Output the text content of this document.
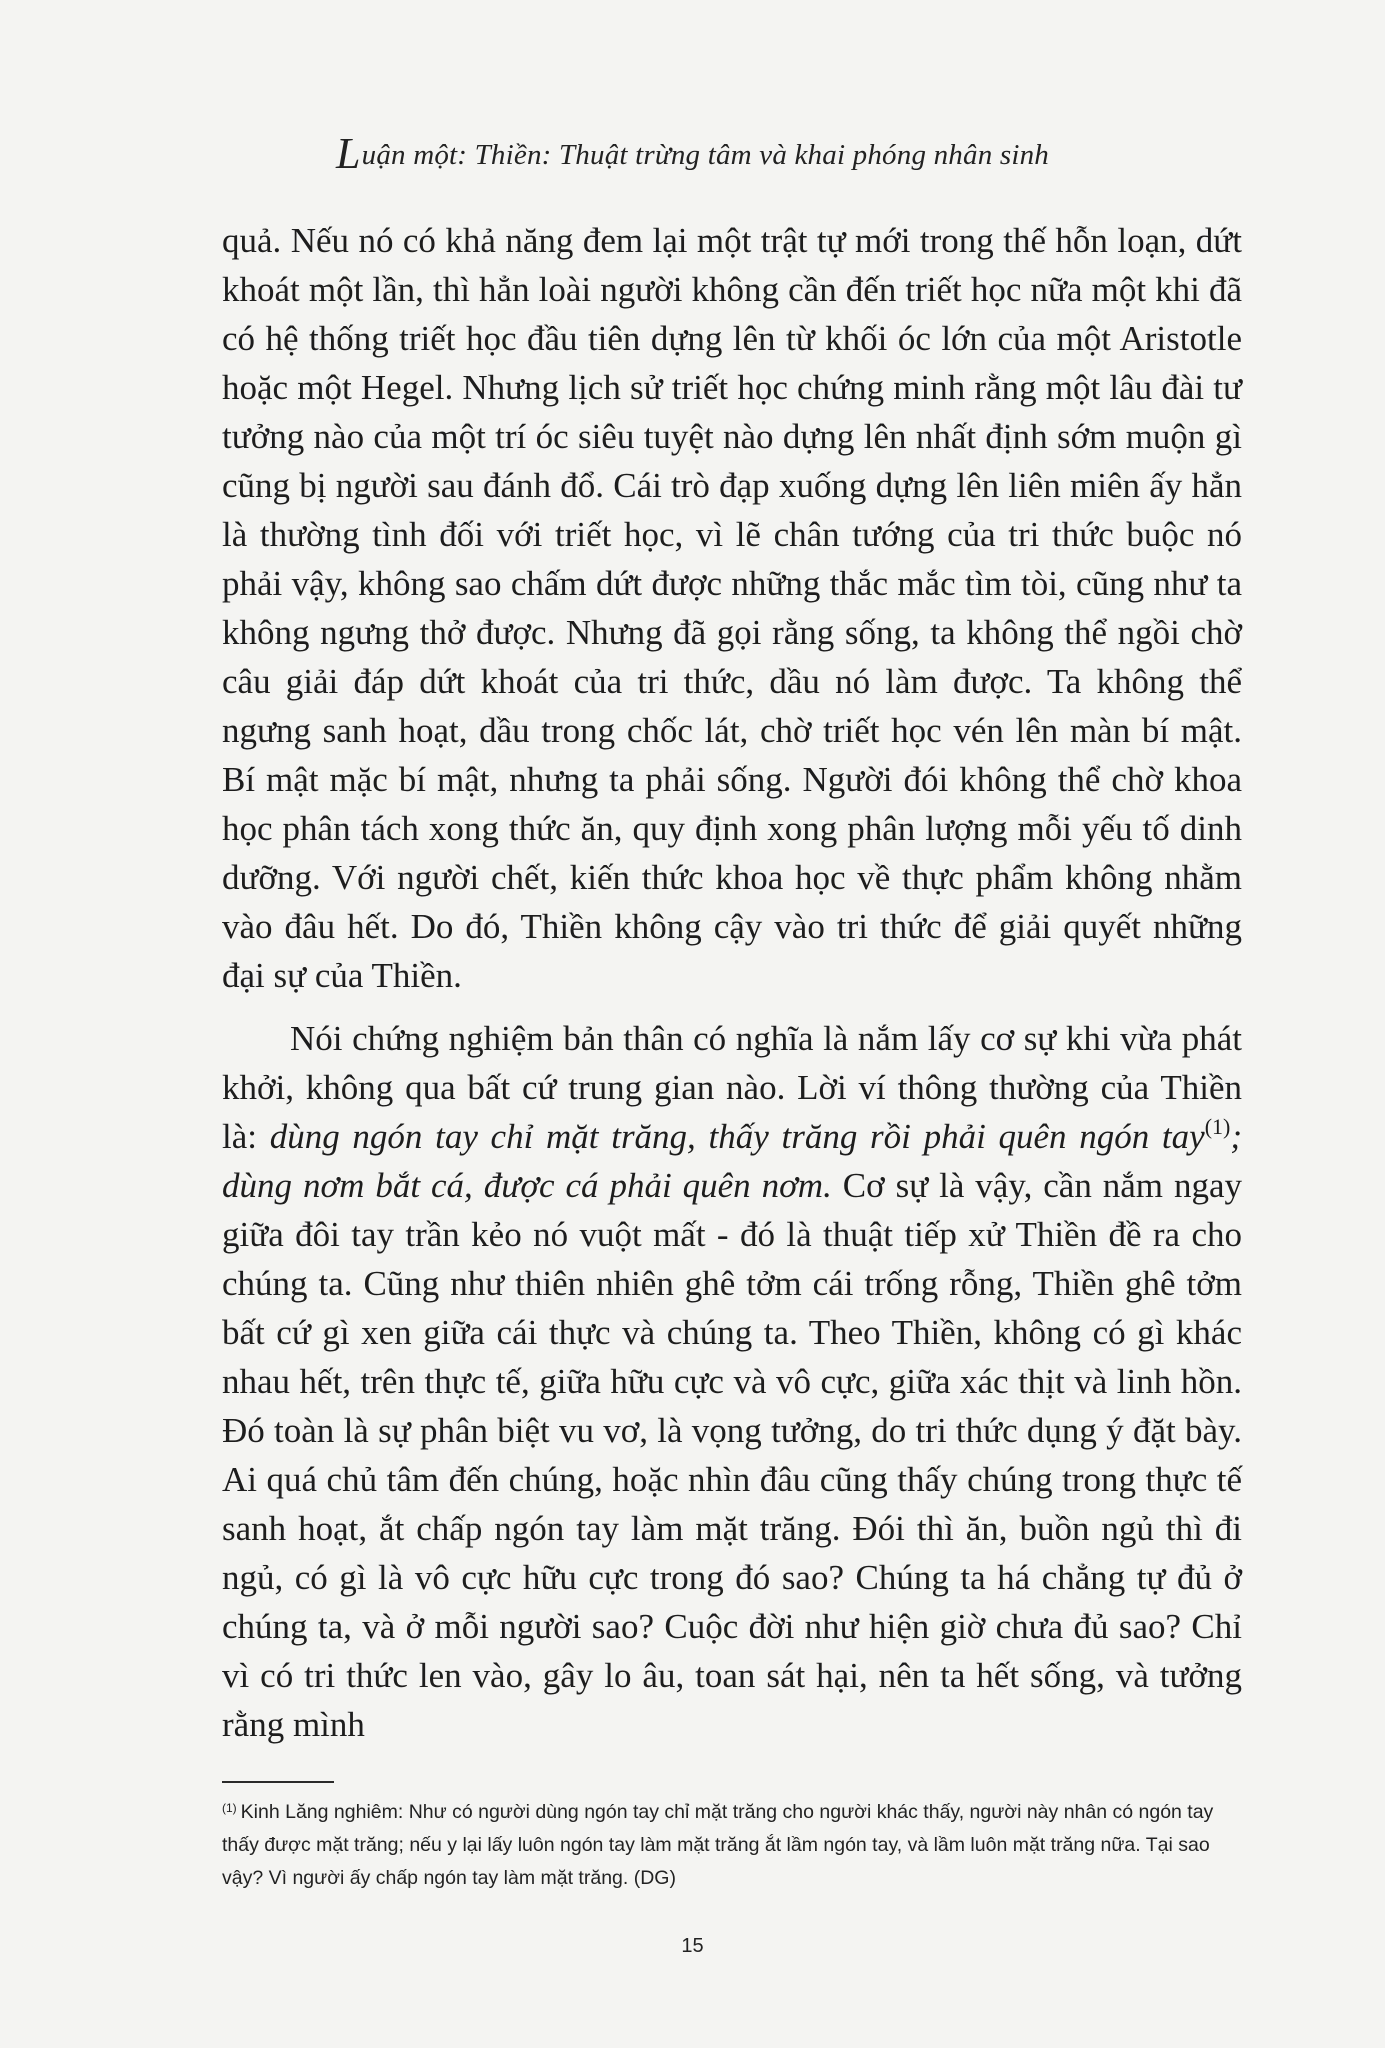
Luận một: Thiền: Thuật trừng tâm và khai phóng nhân sinh

quả. Nếu nó có khả năng đem lại một trật tự mới trong thế hỗn loạn, dứt khoát một lần, thì hẳn loài người không cần đến triết học nữa một khi đã có hệ thống triết học đầu tiên dựng lên từ khối óc lớn của một Aristotle hoặc một Hegel. Nhưng lịch sử triết học chứng minh rằng một lâu đài tư tưởng nào của một trí óc siêu tuyệt nào dựng lên nhất định sớm muộn gì cũng bị người sau đánh đổ. Cái trò đạp xuống dựng lên liên miên ấy hẳn là thường tình đối với triết học, vì lẽ chân tướng của tri thức buộc nó phải vậy, không sao chấm dứt được những thắc mắc tìm tòi, cũng như ta không ngưng thở được. Nhưng đã gọi rằng sống, ta không thể ngồi chờ câu giải đáp dứt khoát của tri thức, dầu nó làm được. Ta không thể ngưng sanh hoạt, dầu trong chốc lát, chờ triết học vén lên màn bí mật. Bí mật mặc bí mật, nhưng ta phải sống. Người đói không thể chờ khoa học phân tách xong thức ăn, quy định xong phân lượng mỗi yếu tố dinh dưỡng. Với người chết, kiến thức khoa học về thực phẩm không nhằm vào đâu hết. Do đó, Thiền không cậy vào tri thức để giải quyết những đại sự của Thiền.

Nói chứng nghiệm bản thân có nghĩa là nắm lấy cơ sự khi vừa phát khởi, không qua bất cứ trung gian nào. Lời ví thông thường của Thiền là: dùng ngón tay chỉ mặt trăng, thấy trăng rồi phải quên ngón tay$^{(1)}$; dùng nơm bắt cá, được cá phải quên nơm. Cơ sự là vậy, cần nắm ngay giữa đôi tay trần kẻo nó vuột mất - đó là thuật tiếp xử Thiền đề ra cho chúng ta. Cũng như thiên nhiên ghê tởm cái trống rỗng, Thiền ghê tởm bất cứ gì xen giữa cái thực và chúng ta. Theo Thiền, không có gì khác nhau hết, trên thực tế, giữa hữu cực và vô cực, giữa xác thịt và linh hồn. Đó toàn là sự phân biệt vu vơ, là vọng tưởng, do tri thức dụng ý đặt bày. Ai quá chủ tâm đến chúng, hoặc nhìn đâu cũng thấy chúng trong thực tế sanh hoạt, ắt chấp ngón tay làm mặt trăng. Đói thì ăn, buồn ngủ thì đi ngủ, có gì là vô cực hữu cực trong đó sao? Chúng ta há chẳng tự đủ ở chúng ta, và ở mỗi người sao? Cuộc đời như hiện giờ chưa đủ sao? Chỉ vì có tri thức len vào, gây lo âu, toan sát hại, nên ta hết sống, và tưởng rằng mình

$^{(1)}$ Kinh Lăng nghiêm: Như có người dùng ngón tay chỉ mặt trăng cho người khác thấy, người này nhân có ngón tay thấy được mặt trăng; nếu y lại lấy luôn ngón tay làm mặt trăng ắt lầm ngón tay, và lầm luôn mặt trăng nữa. Tại sao vậy? Vì người ấy chấp ngón tay làm mặt trăng. (DG)
15
